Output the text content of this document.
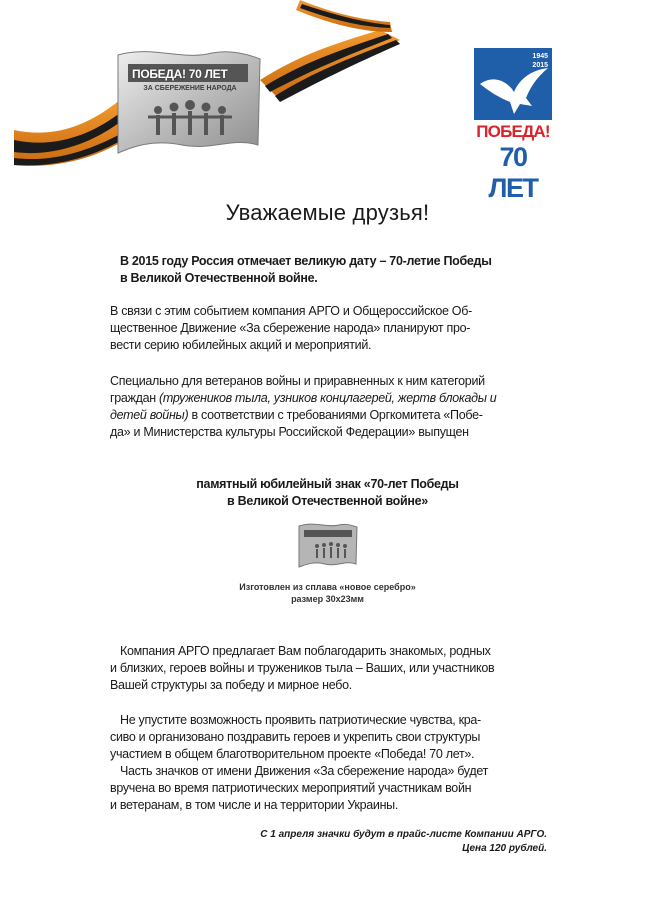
ПОБЕДА! 70 ЛЕТ
ЗА СБЕРЕЖЕНИЕ НАРОДА
1945
2015
ПОБЕДА!
70 ЛЕТ
Уважаемые друзья!
В 2015 году Россия отмечает великую дату – 70-летие Победы
в Великой Отечественной войне.
В связи с этим событием компания АРГО и Общероссийское Об-
щественное Движение «За сбережение народа» планируют про-
вести серию юбилейных акций и мероприятий.
Специально для ветеранов войны и приравненных к ним категорий
граждан (тружеников тыла, узников концлагерей, жертв блокады и
детей войны) в соответствии с требованиями Оргкомитета «Побе-
да» и Министерства культуры Российской Федерации» выпущен
памятный юбилейный знак «70-лет Победы
в Великой Отечественной войне»
Изготовлен из сплава «новое серебро»
размер 30х23мм
Компания АРГО предлагает Вам поблагодарить знакомых, родных
и близких, героев войны и тружеников тыла – Ваших, или участников
Вашей структуры за победу и мирное небо.
Не упустите возможность проявить патриотические чувства, кра-
сиво и организовано поздравить героев и укрепить свои структуры
участием в общем благотворительном проекте «Победа! 70 лет».
Часть значков от имени Движения «За сбережение народа» будет
вручена во время патриотических мероприятий участникам войн
и ветеранам, в том числе и на территории Украины.
С 1 апреля значки будут в прайс-листе Компании АРГО.
Цена 120 рублей.
